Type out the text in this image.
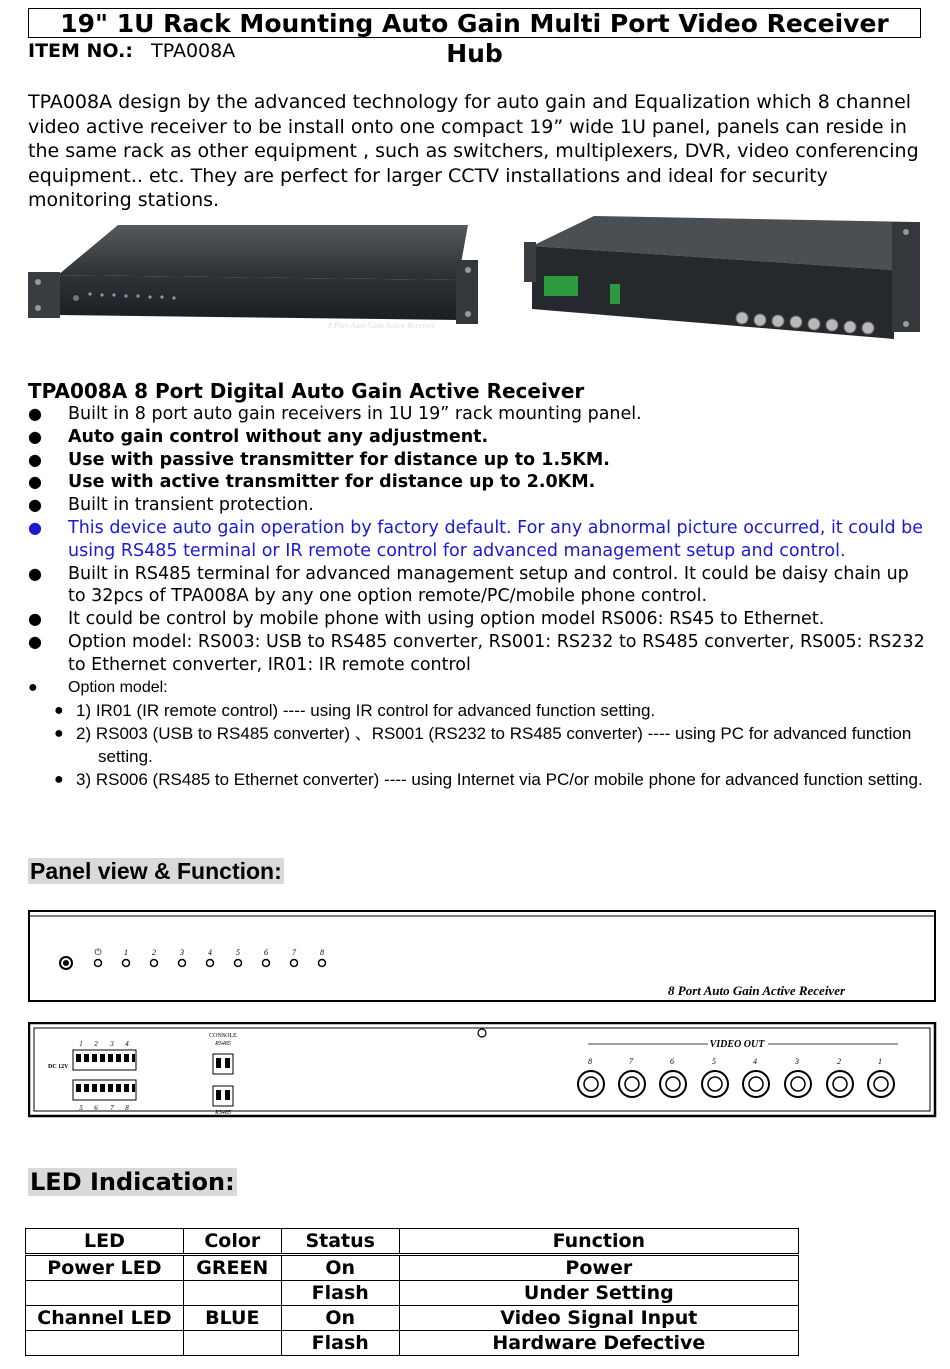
19" 1U Rack Mounting Auto Gain Multi Port Video Receiver Hub
ITEM NO.: TPA008A
TPA008A design by the advanced technology for auto gain and Equalization which 8 channel video active receiver to be install onto one compact 19” wide 1U panel, panels can reside in the same rack as other equipment , such as switchers, multiplexers, DVR, video conferencing equipment.. etc. They are perfect for larger CCTV installations and ideal for security monitoring stations.
8 Port Auto Gain Active Receiver
TPA008A 8 Port Digital Auto Gain Active Receiver
● Built in 8 port auto gain receivers in 1U 19” rack mounting panel.
● Auto gain control without any adjustment.
● Use with passive transmitter for distance up to 1.5KM.
● Use with active transmitter for distance up to 2.0KM.
● Built in transient protection.
● This device auto gain operation by factory default. For any abnormal picture occurred, it could be using RS485 terminal or IR remote control for advanced management setup and control.
● Built in RS485 terminal for advanced management setup and control. It could be daisy chain up to 32pcs of TPA008A by any one option remote/PC/mobile phone control.
● It could be control by mobile phone with using option model RS006: RS45 to Ethernet.
● Option model: RS003: USB to RS485 converter, RS001: RS232 to RS485 converter, RS005: RS232 to Ethernet converter, IR01: IR remote control
● Option model:
● 1) IR01 (IR remote control) ---- using IR control for advanced function setting.
● 2) RS003 (USB to RS485 converter) 、RS001 (RS232 to RS485 converter) ---- using PC for advanced function setting.
● 3) RS006 (RS485 to Ethernet converter) ---- using Internet via PC/or mobile phone for advanced function setting.
Panel view & Function:
⏻	1	2	3	4	5	6	7	8
8 Port Auto Gain Active Receiver
DC 12V
1 2 3 4
5 6 7 8
CONSOLE
RS485
RS485
VIDEO OUT
8	7	6	5	4	3	2	1
LED Indication:
LED	Color	Status	Function
Power LED	GREEN	On	Power
		Flash	Under Setting
Channel LED	BLUE	On	Video Signal Input
		Flash	Hardware Defective
